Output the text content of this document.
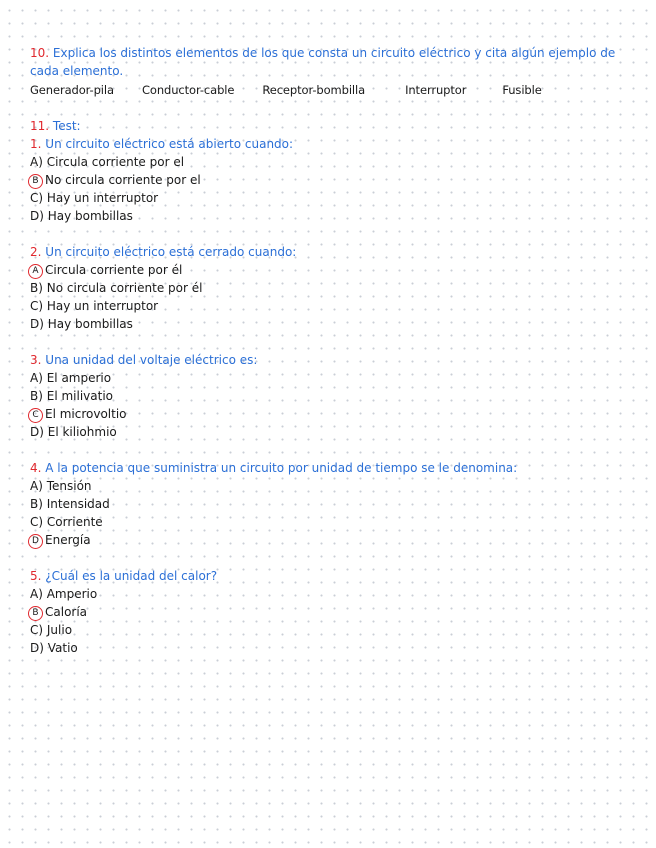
10. Explica los distintos elementos de los que consta un circuito eléctrico y cita algún ejemplo de cada elemento.

Generador-pila Conductor-cable Receptor-bombilla	Interruptor	Fusible
11. Test:
1. Un circuito eléctrico está abierto cuando:
A) Circula corriente por el
B No circula corriente por el
C) Hay un interruptor
D) Hay bombillas
2. Un circuito eléctrico está cerrado cuando:
A Circula corriente por él
B) No circula corriente por él
C) Hay un interruptor
D) Hay bombillas
3. Una unidad del voltaje eléctrico es:
A) El amperio
B) El milivatio
C El microvoltio
D) El kiliohmio
4. A la potencia que suministra un circuito por unidad de tiempo se le denomina:
A) Tensión
B) Intensidad
C) Corriente
D Energía
5. ¿Cuál es la unidad del calor?
A) Amperio
B Caloría
C) Julio
D) Vatio
